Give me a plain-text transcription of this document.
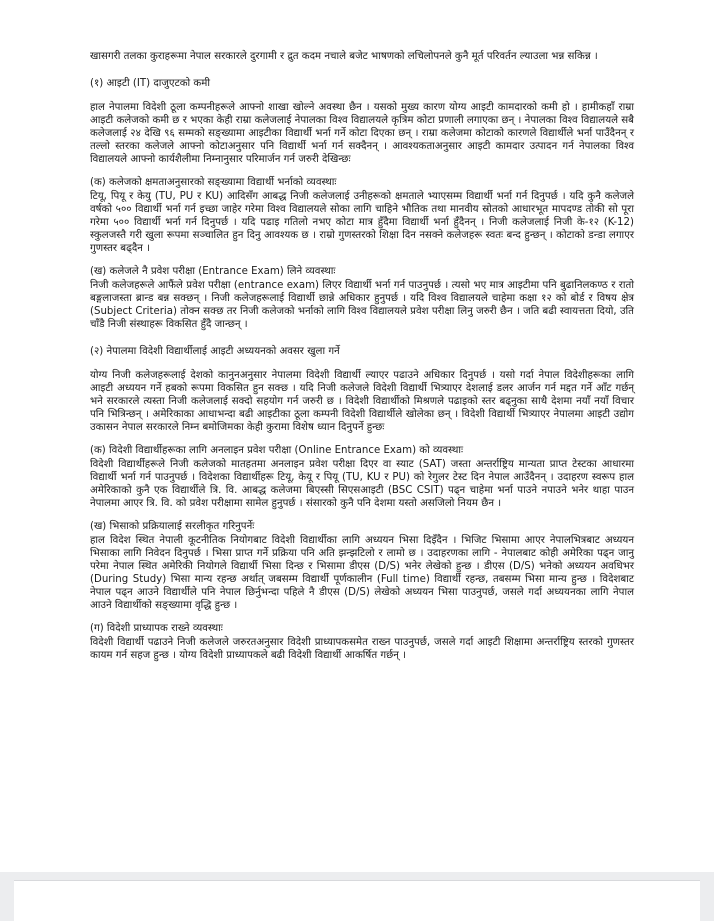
खासगरी तलका कुराहरूमा नेपाल सरकारले दुरगामी र द्रुत कदम नचाले बजेट भाषणको लचिलोपनले कुनै मूर्त परिवर्तन ल्याउला भन्न सकिन्न ।

(१) आइटी (IT) दाजुएटको कमी

हाल नेपालमा विदेशी ठूला कम्पनीहरूले आफ्नो शाखा खोल्ने अवस्था छैन । यसको मुख्य कारण योग्य आइटी कामदारको कमी हो । हामीकहाँ राम्रा आइटी कलेजको कमी छ र भएका केही राम्रा कलेजलाई नेपालका विश्व विद्यालयले कृत्रिम कोटा प्रणाली लगाएका छन् । नेपालका विश्व विद्यालयले सबै कलेजलाई २४ देखि ९६ सम्मको सङ्ख्यामा आइटीका विद्यार्थी भर्ना गर्ने कोटा दिएका छन् । राम्रा कलेजमा कोटाको कारणले विद्यार्थीले भर्ना पाउँदैनन् र तल्लो स्तरका कलेजले आफ्नो कोटाअनुसार पनि विद्यार्थी भर्ना गर्न सक्दैनन् । आवश्यकताअनुसार आइटी कामदार उत्पादन गर्न नेपालका विश्व विद्यालयले आफ्नो कार्यशैलीमा निम्नानुसार परिमार्जन गर्न जरुरी देखिन्छः

(क) कलेजको क्षमताअनुसारको सङ्ख्यामा विद्यार्थी भर्नाको व्यवस्थाः

टियू, पियू र केयु (TU, PU र KU) आदिसँग आबद्ध निजी कलेजलाई उनीहरूको क्षमताले भ्याएसम्म विद्यार्थी भर्ना गर्न दिनुपर्छ । यदि कुनै कलेजले वर्षको ५०० विद्यार्थी भर्ना गर्न इच्छा जाहेर गरेमा विश्व विद्यालयले सोका लागि चाहिने भौतिक तथा मानवीय स्रोतको आधारभूत मापदण्ड तोकी सो पूरा गरेमा ५०० विद्यार्थी भर्ना गर्न दिनुपर्छ । यदि पढाइ गतिलो नभए कोटा मात्र हुँदैमा विद्यार्थी भर्ना हुँदैनन् । निजी कलेजलाई निजी के-१२ (K-12) स्कुलजस्तै गरी खुला रूपमा सञ्चालित हुन दिनु आवश्यक छ । राम्रो गुणस्तरको शिक्षा दिन नसक्ने कलेजहरू स्वतः बन्द हुन्छन् । कोटाको डन्डा लगाएर गुणस्तर बढ्दैन ।

(ख) कलेजले नै प्रवेश परीक्षा (Entrance Exam) लिने व्यवस्थाः

निजी कलेजहरूले आफैंले प्रवेश परीक्षा (entrance exam) लिएर विद्यार्थी भर्ना गर्न पाउनुपर्छ । त्यसो भए मात्र आइटीमा पनि बुढानिलकण्ठ र रातो बङ्गलाजस्ता ब्रान्ड बन्न सक्छन् । निजी कलेजहरूलाई विद्यार्थी छान्ने अधिकार हुनुपर्छ । यदि विश्व विद्यालयले चाहेमा कक्षा १२ को बोर्ड र विषय क्षेत्र (Subject Criteria) तोक्न सक्छ तर निजी कलेजको भर्नाको लागि विश्व विद्यालयले प्रवेश परीक्षा लिनु जरुरी छैन । जति बढी स्वायत्तता दियो, उति चाँडै निजी संस्थाहरू विकसित हुँदै जान्छन् ।

(२) नेपालमा विदेशी विद्यार्थीलाई आइटी अध्ययनको अवसर खुला गर्ने

योग्य निजी कलेजहरूलाई देशको कानुनअनुसार नेपालमा विदेशी विद्यार्थी ल्याएर पढाउने अधिकार दिनुपर्छ । यसो गर्दा नेपाल विदेशीहरूका लागि आइटी अध्ययन गर्ने हबको रूपमा विकसित हुन सक्छ । यदि निजी कलेजले विदेशी विद्यार्थी भित्र्याएर देशलाई डलर आर्जन गर्न मद्दत गर्ने आँट गर्छन् भने सरकारले त्यस्ता निजी कलेजलाई सक्दो सहयोग गर्न जरुरी छ । विदेशी विद्यार्थीको मिश्रणले पढाइको स्तर बढ्नुका साथै देशमा नयाँ नयाँ विचार पनि भित्रिन्छन् । अमेरिकाका आधाभन्दा बढी आइटीका ठूला कम्पनी विदेशी विद्यार्थीले खोलेका छन् । विदेशी विद्यार्थी भित्र्याएर नेपालमा आइटी उद्योग उकासन नेपाल सरकारले निम्न बमोजिमका केही कुरामा विशेष ध्यान दिनुपर्ने हुन्छः

(क) विदेशी विद्यार्थीहरूका लागि अनलाइन प्रवेश परीक्षा (Online Entrance Exam) को व्यवस्थाः

विदेशी विद्यार्थीहरूले निजी कलेजको मातहतमा अनलाइन प्रवेश परीक्षा दिएर वा स्याट (SAT) जस्ता अन्तर्राष्ट्रिय मान्यता प्राप्त टेस्टका आधारमा विद्यार्थी भर्ना गर्न पाउनुपर्छ । विदेशका विद्यार्थीहरू टियू, केयू र पियू (TU, KU र PU) को रेगुलर टेस्ट दिन नेपाल आउँदैनन् । उदाहरण स्वरूप हाल अमेरिकाको कुनै एक विद्यार्थीले त्रि. वि. आबद्ध कलेजमा बिएस्सी सिएसआइटी (BSC CSIT) पढ्न चाहेमा भर्ना पाउने नपाउने भनेर थाहा पाउन नेपालमा आएर त्रि. वि. को प्रवेश परीक्षामा सामेल हुनुपर्छ । संसारको कुनै पनि देशमा यस्तो असजिलो नियम छैन ।

(ख) भिसाको प्रक्रियालाई सरलीकृत गरिनुपर्नेः

हाल विदेश स्थित नेपाली कूटनीतिक नियोगबाट विदेशी विद्यार्थीका लागि अध्ययन भिसा दिइँदैन । भिजिट भिसामा आएर नेपालभित्रबाट अध्ययन भिसाका लागि निवेदन दिनुपर्छ । भिसा प्राप्त गर्ने प्रक्रिया पनि अति झन्झटिलो र लामो छ । उदाहरणका लागि - नेपालबाट कोही अमेरिका पढ्न जानु परेमा नेपाल स्थित अमेरिकी नियोगले विद्यार्थी भिसा दिन्छ र भिसामा डीएस (D/S) भनेर लेखेको हुन्छ । डीएस (D/S) भनेको अध्ययन अवधिभर (During Study) भिसा मान्य रहन्छ अर्थात् जबसम्म विद्यार्थी पूर्णकालीन (Full time) विद्यार्थी रहन्छ, तबसम्म भिसा मान्य हुन्छ । विदेशबाट नेपाल पढ्न आउने विद्यार्थीले पनि नेपाल छिर्नुभन्दा पहिले नै डीएस (D/S) लेखेको अध्ययन भिसा पाउनुपर्छ, जसले गर्दा अध्ययनका लागि नेपाल आउने विद्यार्थीको सङ्ख्यामा वृद्धि हुन्छ ।

(ग) विदेशी प्राध्यापक राख्ने व्यवस्थाः

विदेशी विद्यार्थी पढाउने निजी कलेजले जरुरतअनुसार विदेशी प्राध्यापकसमेत राख्न पाउनुपर्छ, जसले गर्दा आइटी शिक्षामा अन्तर्राष्ट्रिय स्तरको गुणस्तर कायम गर्न सहज हुन्छ । योग्य विदेशी प्राध्यापकले बढी विदेशी विद्यार्थी आकर्षित गर्छन् ।
